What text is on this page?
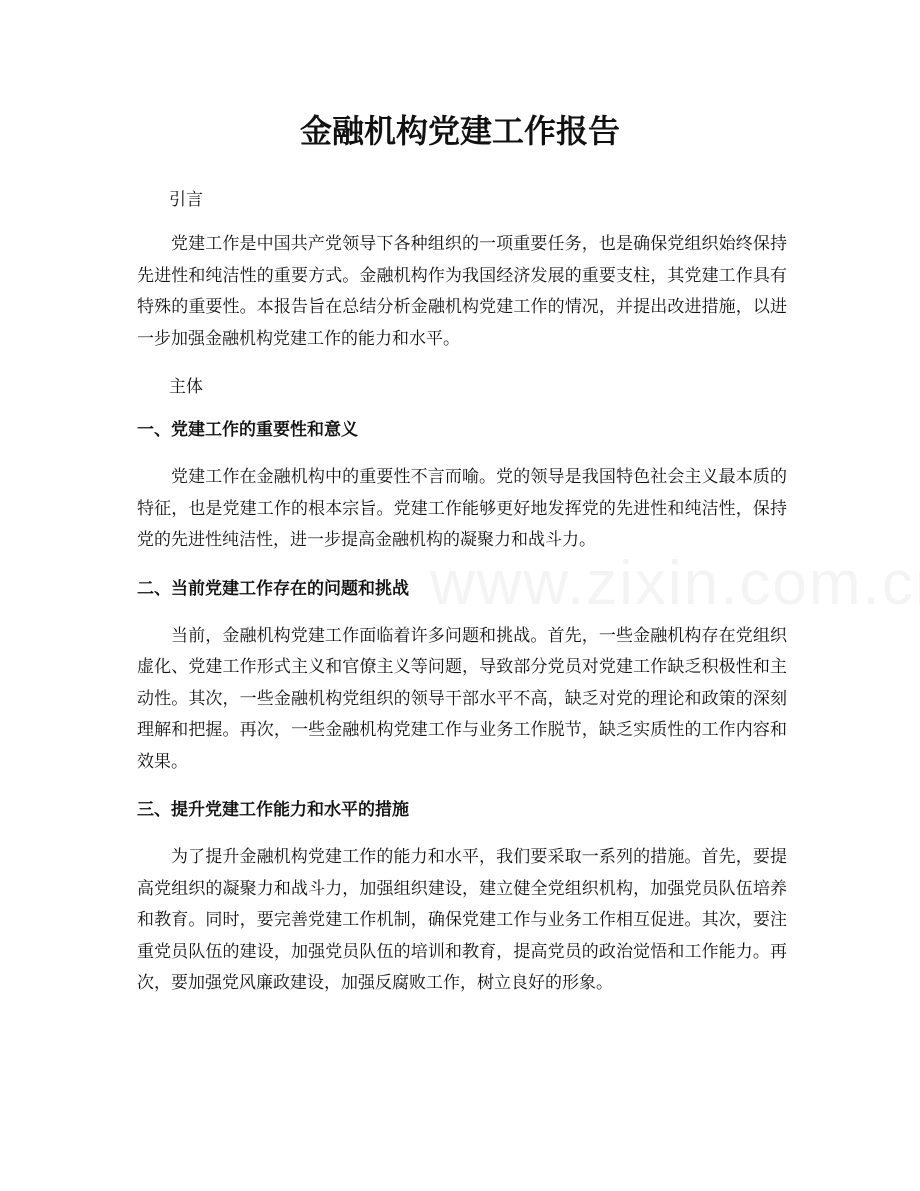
金融机构党建工作报告

引言

党建工作是中国共产党领导下各种组织的一项重要任务，也是确保党组织始终保持先进性和纯洁性的重要方式。金融机构作为我国经济发展的重要支柱，其党建工作具有特殊的重要性。本报告旨在总结分析金融机构党建工作的情况，并提出改进措施，以进一步加强金融机构党建工作的能力和水平。

主体

一、党建工作的重要性和意义

党建工作在金融机构中的重要性不言而喻。党的领导是我国特色社会主义最本质的特征，也是党建工作的根本宗旨。党建工作能够更好地发挥党的先进性和纯洁性，保持党的先进性纯洁性，进一步提高金融机构的凝聚力和战斗力。

二、当前党建工作存在的问题和挑战

当前，金融机构党建工作面临着许多问题和挑战。首先，一些金融机构存在党组织虚化、党建工作形式主义和官僚主义等问题，导致部分党员对党建工作缺乏积极性和主动性。其次，一些金融机构党组织的领导干部水平不高，缺乏对党的理论和政策的深刻理解和把握。再次，一些金融机构党建工作与业务工作脱节，缺乏实质性的工作内容和效果。

三、提升党建工作能力和水平的措施

为了提升金融机构党建工作的能力和水平，我们要采取一系列的措施。首先，要提高党组织的凝聚力和战斗力，加强组织建设，建立健全党组织机构，加强党员队伍培养和教育。同时，要完善党建工作机制，确保党建工作与业务工作相互促进。其次，要注重党员队伍的建设，加强党员队伍的培训和教育，提高党员的政治觉悟和工作能力。再次，要加强党风廉政建设，加强反腐败工作，树立良好的形象。
